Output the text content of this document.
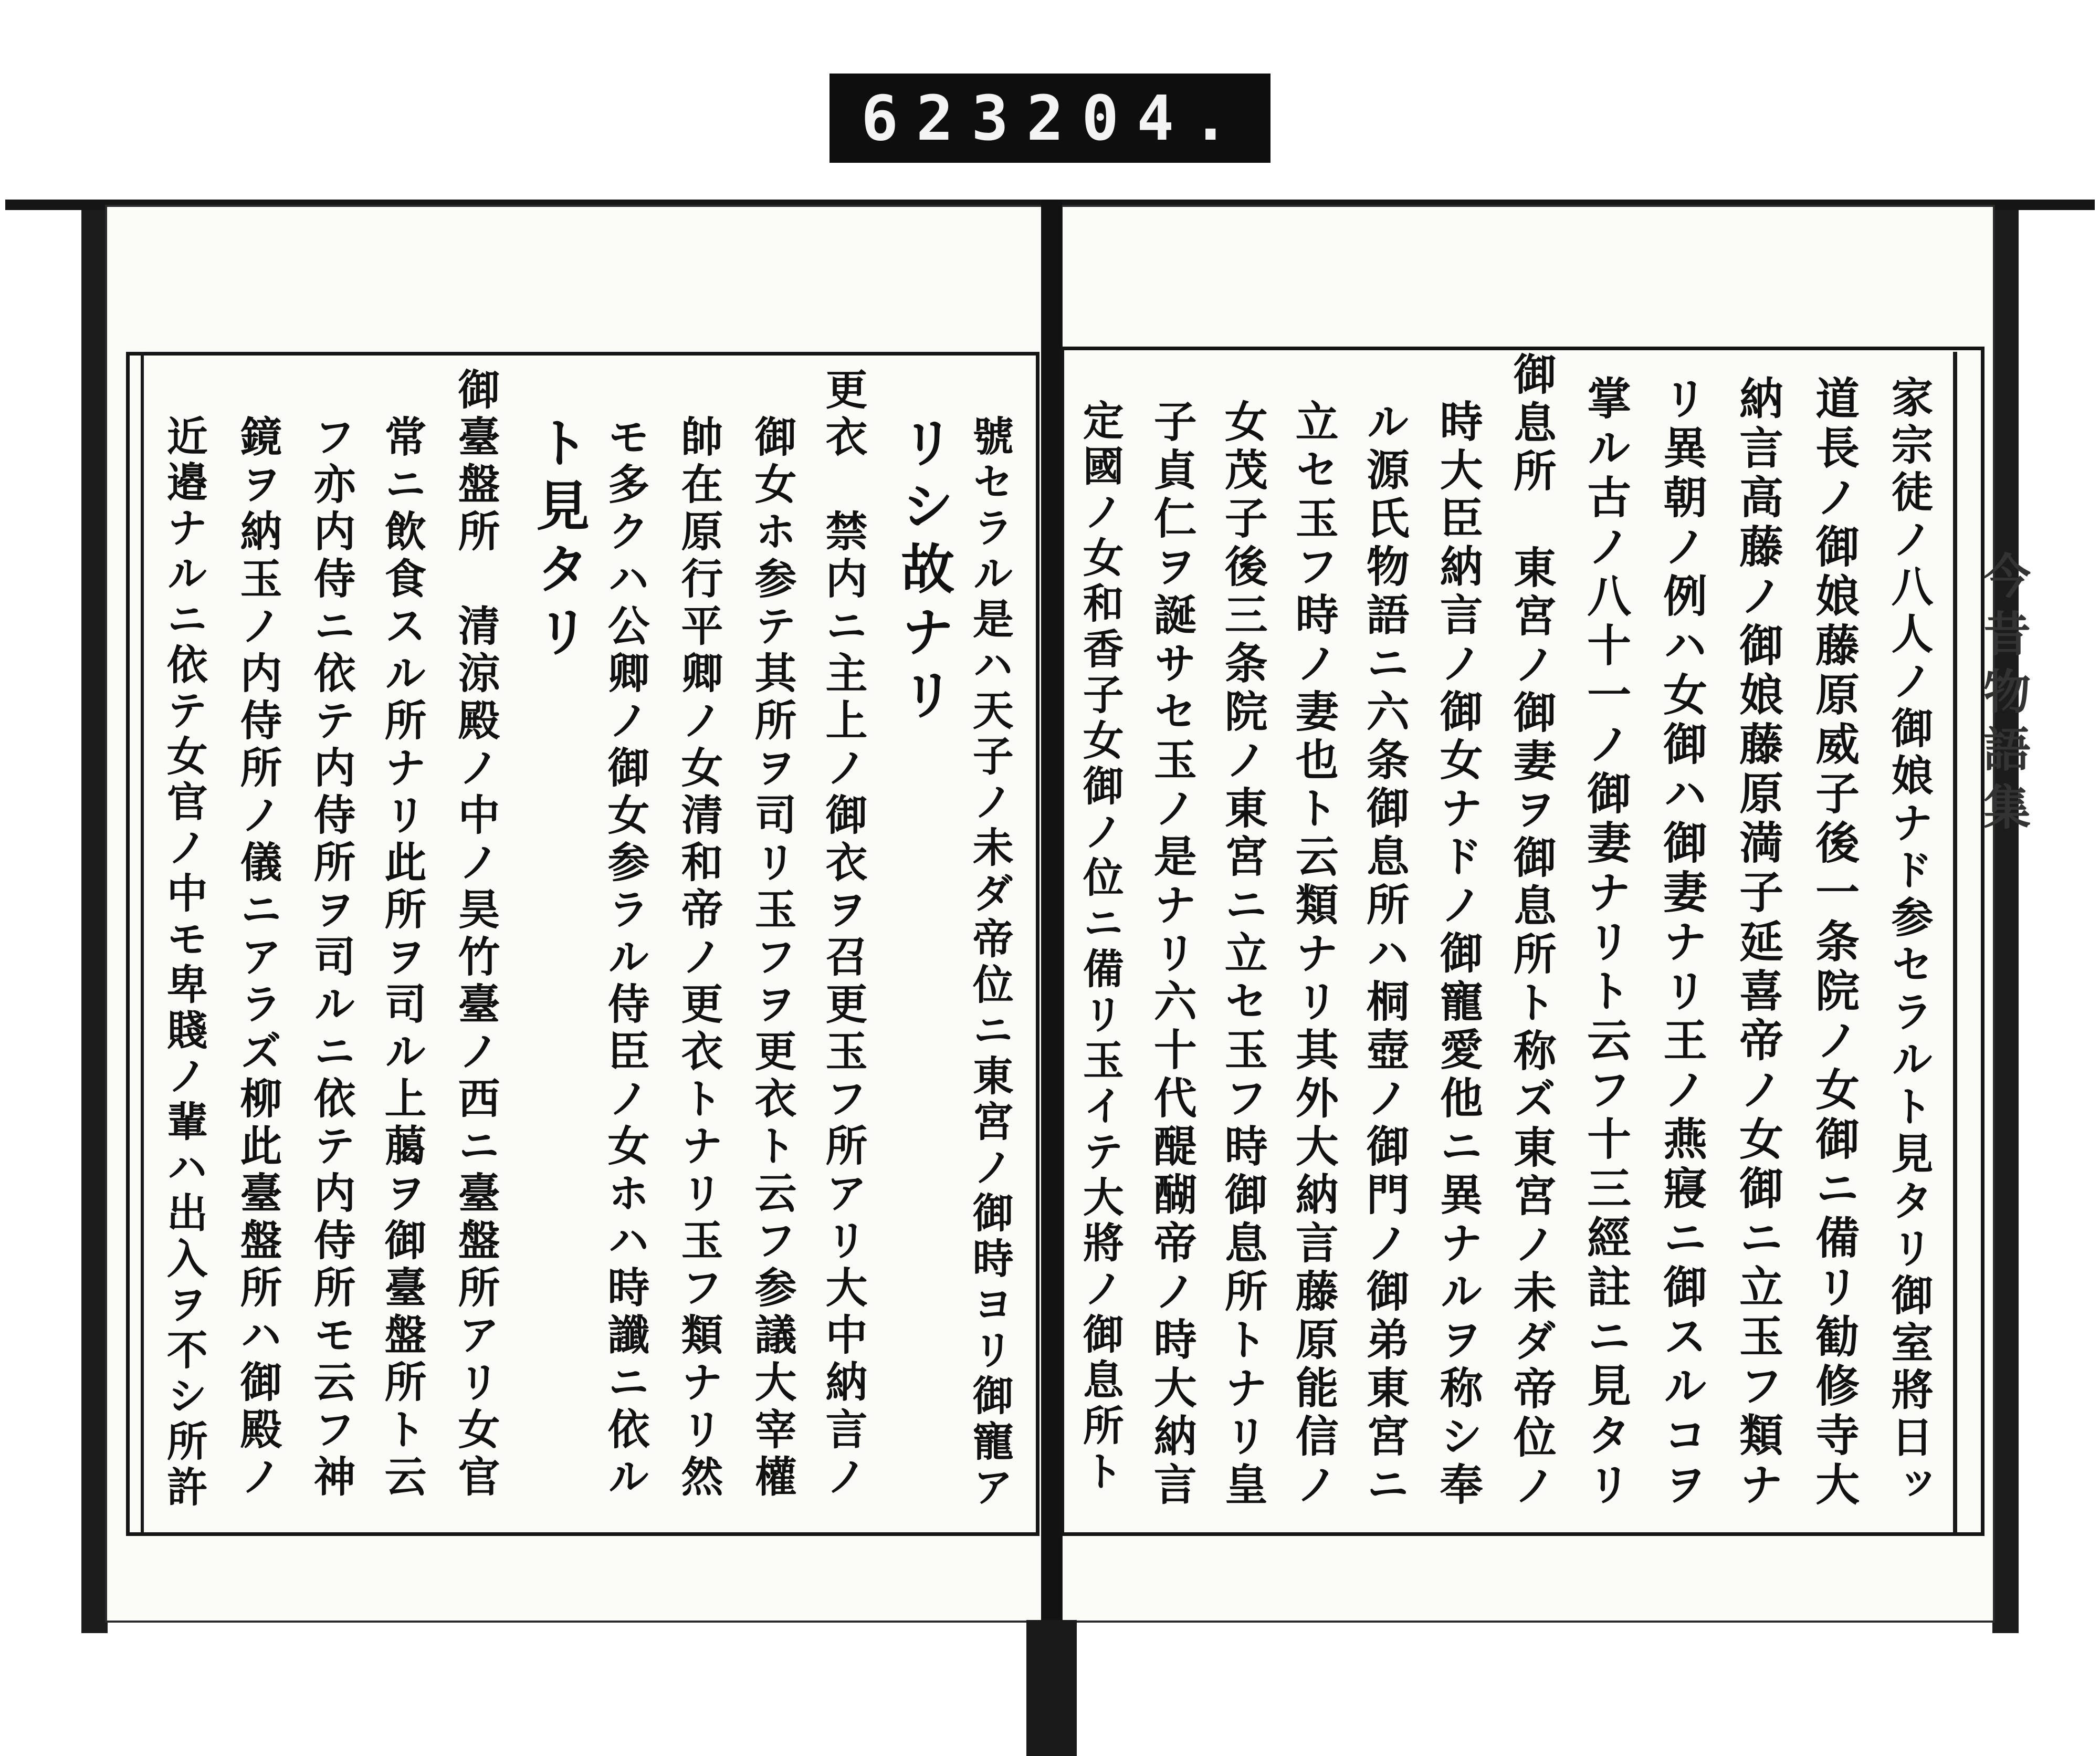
623 204.
家宗徒ノ八人ノ御娘ナド参セラルト見タリ御室將日ッ
道長ノ御娘藤原威子後一条院ノ女御ニ備リ勧修寺大
納言高藤ノ御娘藤原満子延喜帝ノ女御ニ立玉フ類ナ
リ異朝ノ例ハ女御ハ御妻ナリ王ノ燕寢ニ御スルコヲ
掌ル古ノ八十一ノ御妻ナリト云フ十三經註ニ見タリ
御息所　東宮ノ御妻ヲ御息所ト称ズ東宮ノ未ダ帝位ノ
時大臣納言ノ御女ナドノ御寵愛他ニ異ナルヲ称シ奉
ル源氏物語ニ六条御息所ハ桐壺ノ御門ノ御弟東宮ニ
立セ玉フ時ノ妻也ト云類ナリ其外大納言藤原能信ノ
女茂子後三条院ノ東宮ニ立セ玉フ時御息所トナリ皇
子貞仁ヲ誕サセ玉ノ是ナリ六十代醍醐帝ノ時大納言
定國ノ女和香子女御ノ位ニ備リ玉イテ大將ノ御息所ト	今昔物語集
號セラル是ハ天子ノ未ダ帝位ニ東宮ノ御時ヨリ御寵ア
リシ故ナリ
更衣　禁内ニ主上ノ御衣ヲ召更玉フ所アリ大中納言ノ
御女ホ参テ其所ヲ司リ玉フヲ更衣ト云フ参議大宰權
帥在原行平卿ノ女清和帝ノ更衣トナリ玉フ類ナリ然
モ多クハ公卿ノ御女参ラル侍臣ノ女ホハ時讖ニ依ル
ト見タリ
御臺盤所　清涼殿ノ中ノ昊竹臺ノ西ニ臺盤所アリ女官
常ニ飲食スル所ナリ此所ヲ司ル上﨟ヲ御臺盤所ト云
フ亦内侍ニ依テ内侍所ヲ司ルニ依テ内侍所モ云フ神
鏡ヲ納玉ノ内侍所ノ儀ニアラズ柳此臺盤所ハ御殿ノ
近邉ナルニ依テ女官ノ中モ卑賤ノ輩ハ出入ヲ不シ所許
